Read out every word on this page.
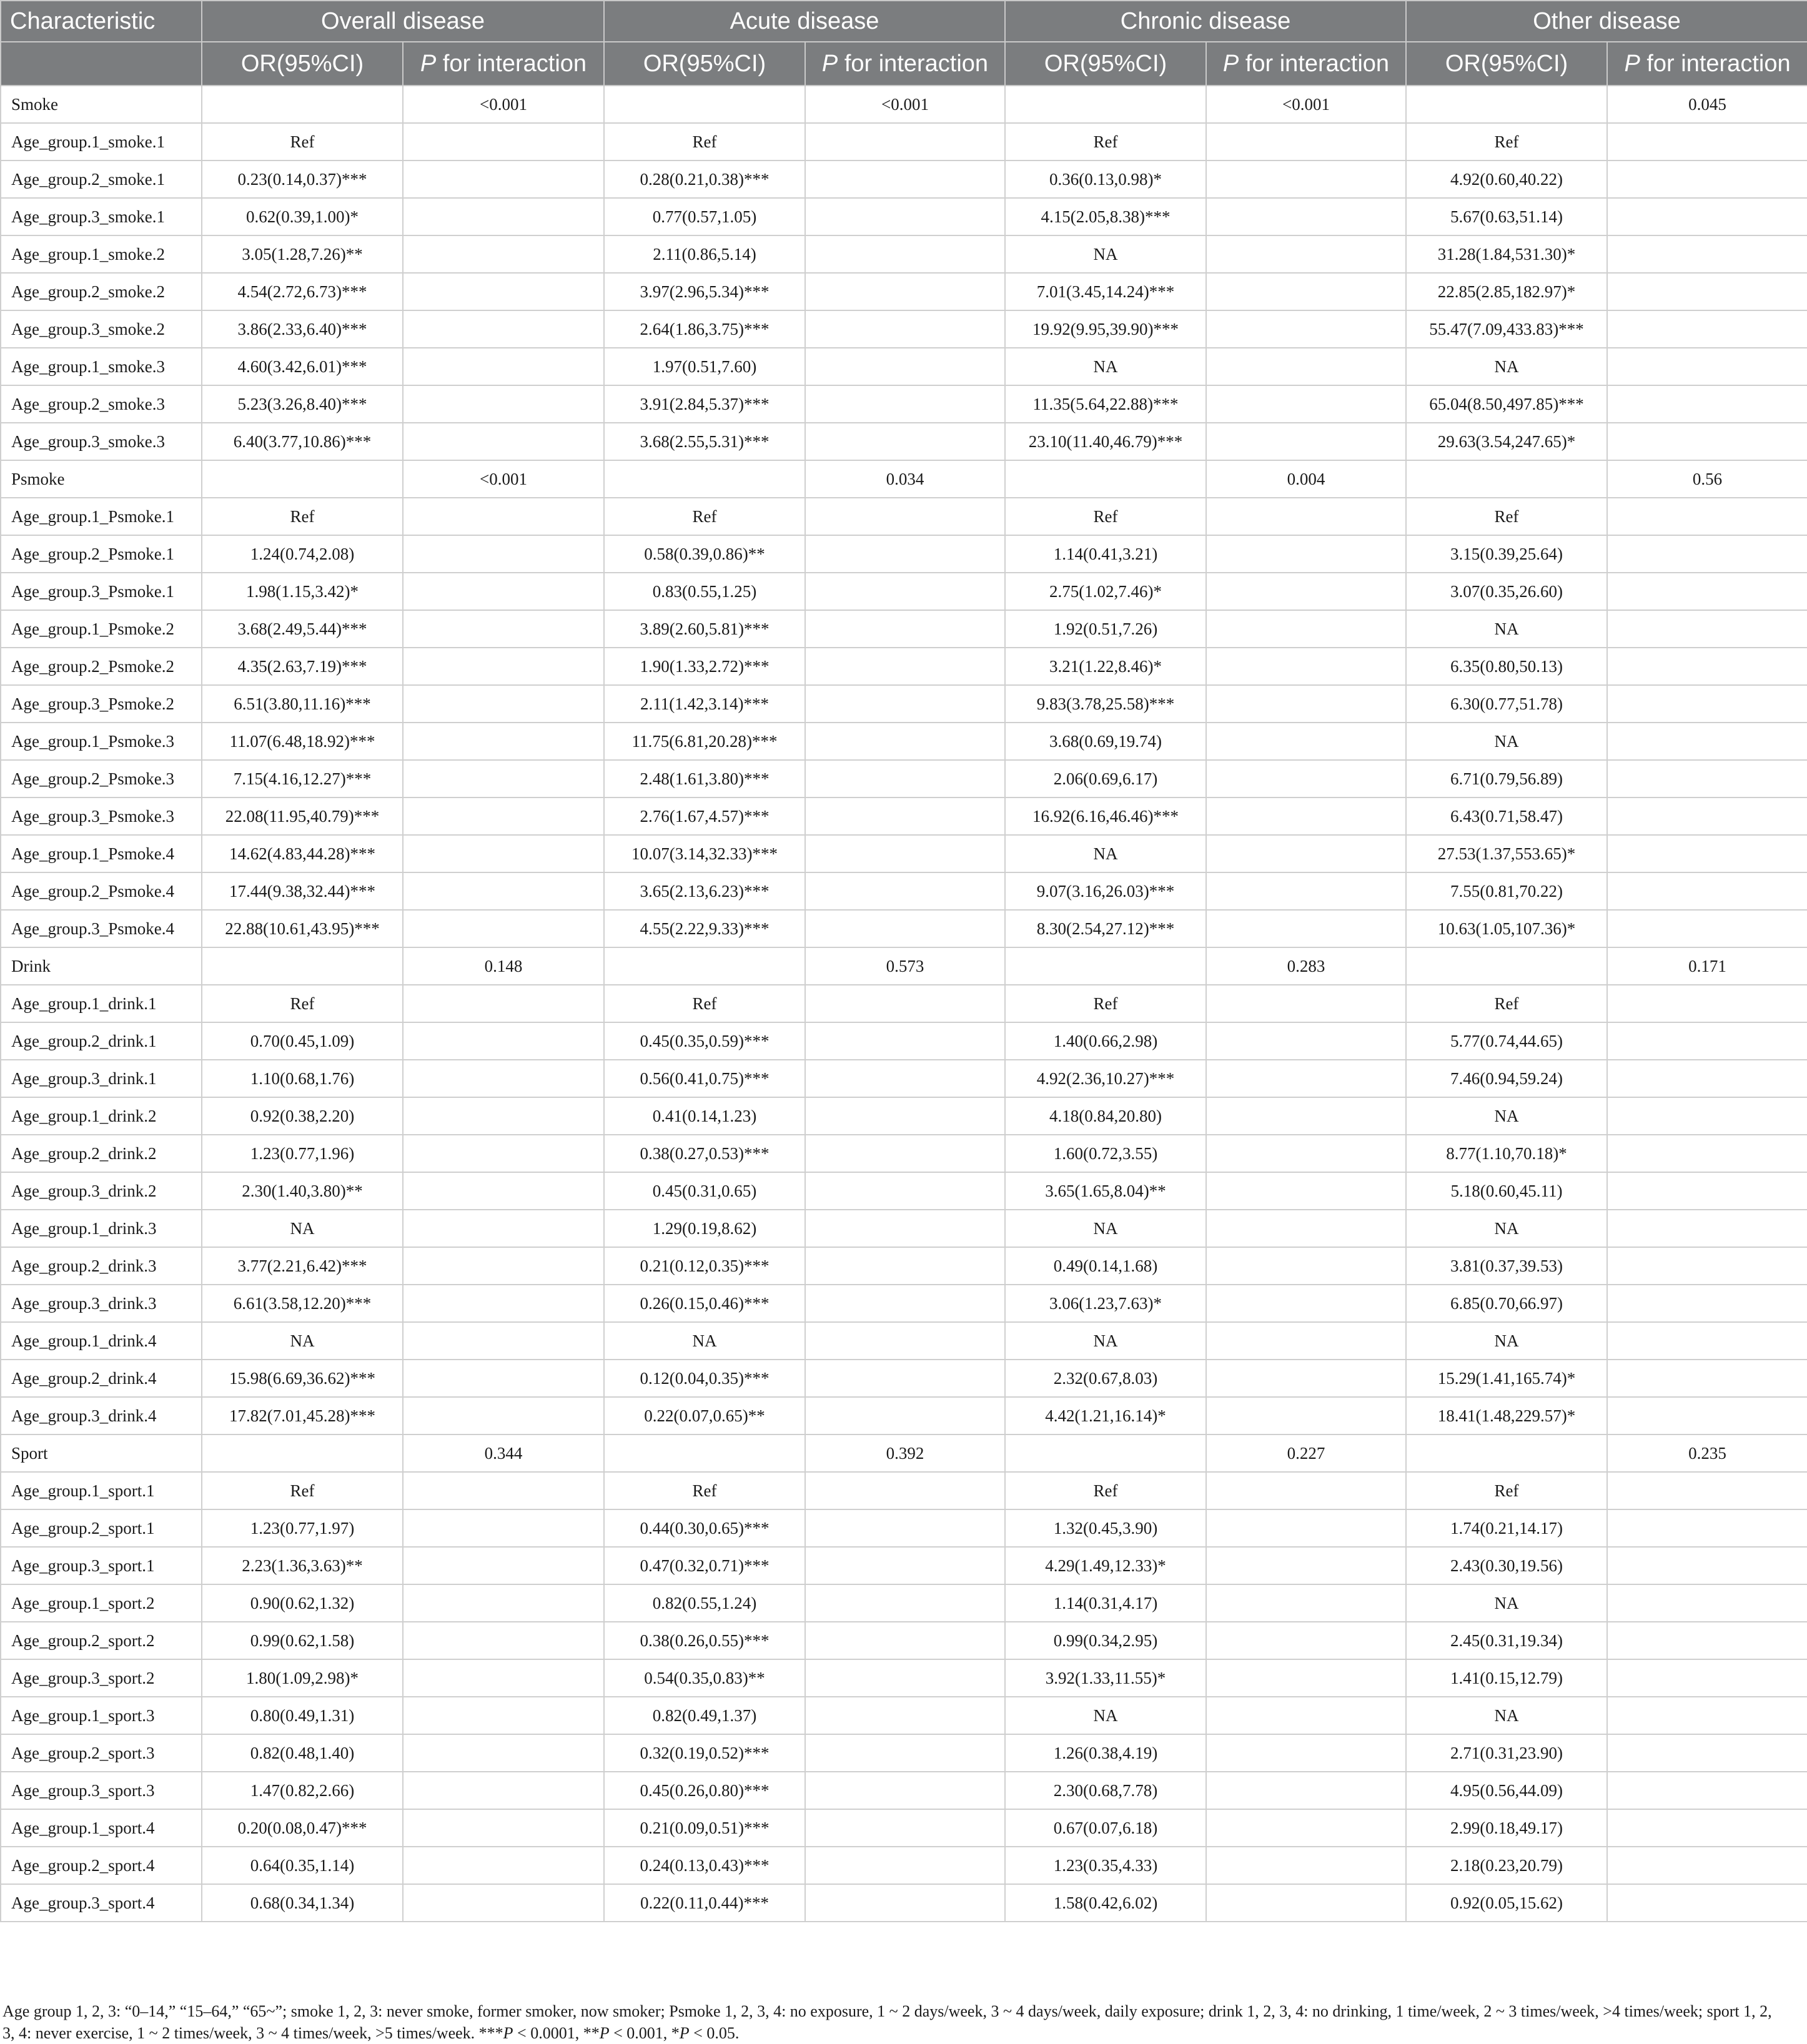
Characteristic	Overall disease		Acute disease		Chronic disease		Other disease	
	OR(95%CI)	P for interaction	OR(95%CI)	P for interaction	OR(95%CI)	P for interaction	OR(95%CI)	P for interaction
Smoke		<0.001		<0.001		<0.001		0.045
Age_group.1_smoke.1	Ref		Ref		Ref		Ref	
Age_group.2_smoke.1	0.23(0.14,0.37)***		0.28(0.21,0.38)***		0.36(0.13,0.98)*		4.92(0.60,40.22)	
Age_group.3_smoke.1	0.62(0.39,1.00)*		0.77(0.57,1.05)		4.15(2.05,8.38)***		5.67(0.63,51.14)	
Age_group.1_smoke.2	3.05(1.28,7.26)**		2.11(0.86,5.14)		NA		31.28(1.84,531.30)*	
Age_group.2_smoke.2	4.54(2.72,6.73)***		3.97(2.96,5.34)***		7.01(3.45,14.24)***		22.85(2.85,182.97)*	
Age_group.3_smoke.2	3.86(2.33,6.40)***		2.64(1.86,3.75)***		19.92(9.95,39.90)***		55.47(7.09,433.83)***	
Age_group.1_smoke.3	4.60(3.42,6.01)***		1.97(0.51,7.60)		NA		NA	
Age_group.2_smoke.3	5.23(3.26,8.40)***		3.91(2.84,5.37)***		11.35(5.64,22.88)***		65.04(8.50,497.85)***	
Age_group.3_smoke.3	6.40(3.77,10.86)***		3.68(2.55,5.31)***		23.10(11.40,46.79)***		29.63(3.54,247.65)*	
Psmoke		<0.001		0.034		0.004		0.56
Age_group.1_Psmoke.1	Ref		Ref		Ref		Ref	
Age_group.2_Psmoke.1	1.24(0.74,2.08)		0.58(0.39,0.86)**		1.14(0.41,3.21)		3.15(0.39,25.64)	
Age_group.3_Psmoke.1	1.98(1.15,3.42)*		0.83(0.55,1.25)		2.75(1.02,7.46)*		3.07(0.35,26.60)	
Age_group.1_Psmoke.2	3.68(2.49,5.44)***		3.89(2.60,5.81)***		1.92(0.51,7.26)		NA	
Age_group.2_Psmoke.2	4.35(2.63,7.19)***		1.90(1.33,2.72)***		3.21(1.22,8.46)*		6.35(0.80,50.13)	
Age_group.3_Psmoke.2	6.51(3.80,11.16)***		2.11(1.42,3.14)***		9.83(3.78,25.58)***		6.30(0.77,51.78)	
Age_group.1_Psmoke.3	11.07(6.48,18.92)***		11.75(6.81,20.28)***		3.68(0.69,19.74)		NA	
Age_group.2_Psmoke.3	7.15(4.16,12.27)***		2.48(1.61,3.80)***		2.06(0.69,6.17)		6.71(0.79,56.89)	
Age_group.3_Psmoke.3	22.08(11.95,40.79)***		2.76(1.67,4.57)***		16.92(6.16,46.46)***		6.43(0.71,58.47)	
Age_group.1_Psmoke.4	14.62(4.83,44.28)***		10.07(3.14,32.33)***		NA		27.53(1.37,553.65)*	
Age_group.2_Psmoke.4	17.44(9.38,32.44)***		3.65(2.13,6.23)***		9.07(3.16,26.03)***		7.55(0.81,70.22)	
Age_group.3_Psmoke.4	22.88(10.61,43.95)***		4.55(2.22,9.33)***		8.30(2.54,27.12)***		10.63(1.05,107.36)*	
Drink		0.148		0.573		0.283		0.171
Age_group.1_drink.1	Ref		Ref		Ref		Ref	
Age_group.2_drink.1	0.70(0.45,1.09)		0.45(0.35,0.59)***		1.40(0.66,2.98)		5.77(0.74,44.65)	
Age_group.3_drink.1	1.10(0.68,1.76)		0.56(0.41,0.75)***		4.92(2.36,10.27)***		7.46(0.94,59.24)	
Age_group.1_drink.2	0.92(0.38,2.20)		0.41(0.14,1.23)		4.18(0.84,20.80)		NA	
Age_group.2_drink.2	1.23(0.77,1.96)		0.38(0.27,0.53)***		1.60(0.72,3.55)		8.77(1.10,70.18)*	
Age_group.3_drink.2	2.30(1.40,3.80)**		0.45(0.31,0.65)		3.65(1.65,8.04)**		5.18(0.60,45.11)	
Age_group.1_drink.3	NA		1.29(0.19,8.62)		NA		NA	
Age_group.2_drink.3	3.77(2.21,6.42)***		0.21(0.12,0.35)***		0.49(0.14,1.68)		3.81(0.37,39.53)	
Age_group.3_drink.3	6.61(3.58,12.20)***		0.26(0.15,0.46)***		3.06(1.23,7.63)*		6.85(0.70,66.97)	
Age_group.1_drink.4	NA		NA		NA		NA	
Age_group.2_drink.4	15.98(6.69,36.62)***		0.12(0.04,0.35)***		2.32(0.67,8.03)		15.29(1.41,165.74)*	
Age_group.3_drink.4	17.82(7.01,45.28)***		0.22(0.07,0.65)**		4.42(1.21,16.14)*		18.41(1.48,229.57)*	
Sport		0.344		0.392		0.227		0.235
Age_group.1_sport.1	Ref		Ref		Ref		Ref	
Age_group.2_sport.1	1.23(0.77,1.97)		0.44(0.30,0.65)***		1.32(0.45,3.90)		1.74(0.21,14.17)	
Age_group.3_sport.1	2.23(1.36,3.63)**		0.47(0.32,0.71)***		4.29(1.49,12.33)*		2.43(0.30,19.56)	
Age_group.1_sport.2	0.90(0.62,1.32)		0.82(0.55,1.24)		1.14(0.31,4.17)		NA	
Age_group.2_sport.2	0.99(0.62,1.58)		0.38(0.26,0.55)***		0.99(0.34,2.95)		2.45(0.31,19.34)	
Age_group.3_sport.2	1.80(1.09,2.98)*		0.54(0.35,0.83)**		3.92(1.33,11.55)*		1.41(0.15,12.79)	
Age_group.1_sport.3	0.80(0.49,1.31)		0.82(0.49,1.37)		NA		NA	
Age_group.2_sport.3	0.82(0.48,1.40)		0.32(0.19,0.52)***		1.26(0.38,4.19)		2.71(0.31,23.90)	
Age_group.3_sport.3	1.47(0.82,2.66)		0.45(0.26,0.80)***		2.30(0.68,7.78)		4.95(0.56,44.09)	
Age_group.1_sport.4	0.20(0.08,0.47)***		0.21(0.09,0.51)***		0.67(0.07,6.18)		2.99(0.18,49.17)	
Age_group.2_sport.4	0.64(0.35,1.14)		0.24(0.13,0.43)***		1.23(0.35,4.33)		2.18(0.23,20.79)	
Age_group.3_sport.4	0.68(0.34,1.34)		0.22(0.11,0.44)***		1.58(0.42,6.02)		0.92(0.05,15.62)	
Age group 1, 2, 3: “0–14,” “15–64,” “65~”; smoke 1, 2, 3: never smoke, former smoker, now smoker; Psmoke 1, 2, 3, 4: no exposure, 1 ~ 2 days/week, 3 ~ 4 days/week, daily exposure; drink 1, 2, 3, 4: no drinking, 1 time/week, 2 ~ 3 times/week, >4 times/week; sport 1, 2,
3, 4: never exercise, 1 ~ 2 times/week, 3 ~ 4 times/week, >5 times/week. ***P < 0.0001, **P < 0.001, *P < 0.05.
